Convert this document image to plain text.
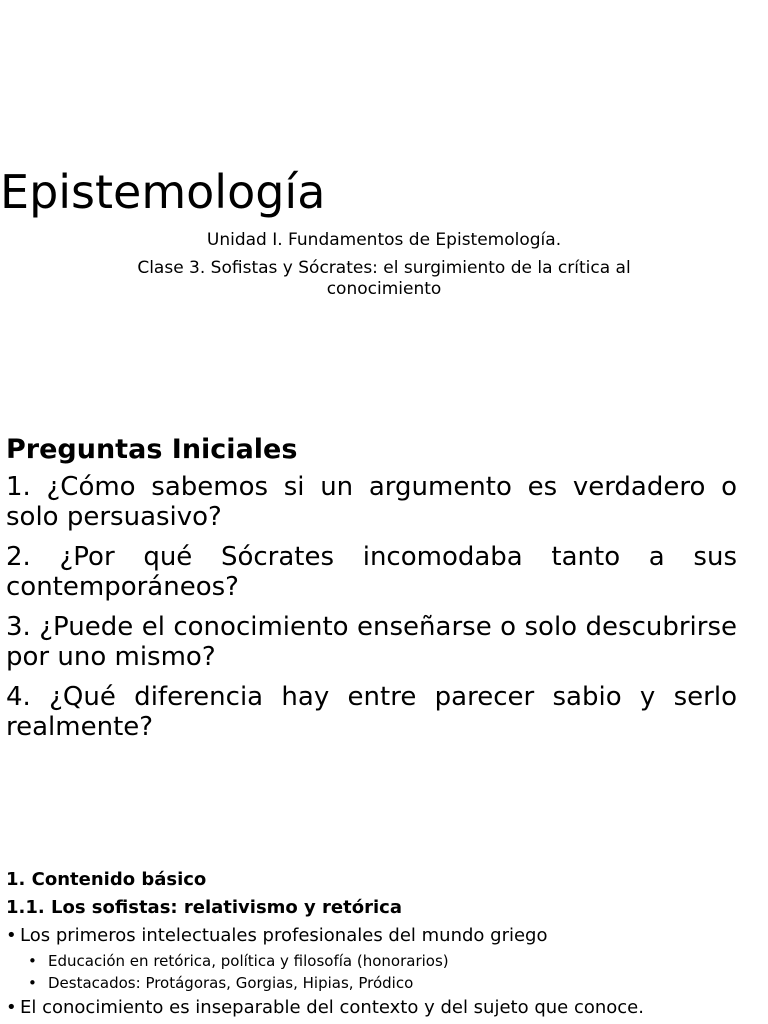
Epistemología
Unidad I. Fundamentos de Epistemología.
Clase 3. Sofistas y Sócrates: el surgimiento de la crítica al conocimiento
Preguntas Iniciales
1. ¿Cómo sabemos si un argumento es verdadero o solo persuasivo?
2. ¿Por qué Sócrates incomodaba tanto a sus contemporáneos?
3. ¿Puede el conocimiento enseñarse o solo descubrirse por uno mismo?
4. ¿Qué diferencia hay entre parecer sabio y serlo realmente?
1. Contenido básico
1.1. Los sofistas: relativismo y retórica
• Los primeros intelectuales profesionales del mundo griego
• Educación en retórica, política y filosofía (honorarios)
• Destacados: Protágoras, Gorgias, Hipias, Pródico
• El conocimiento es inseparable del contexto y del sujeto que conoce.
